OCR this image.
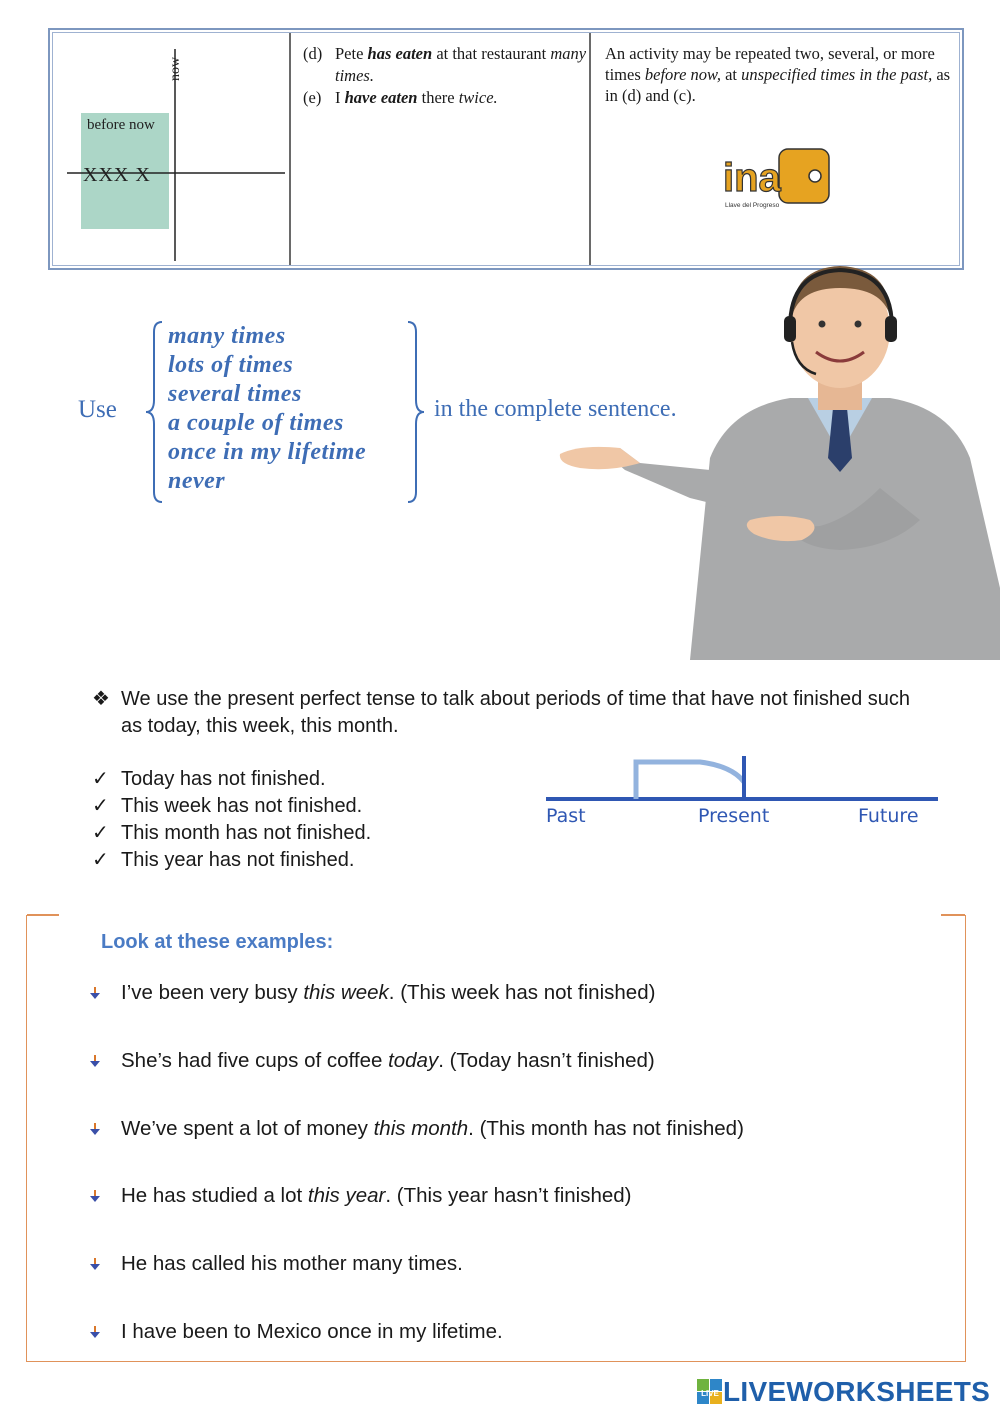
now
before now
XXX X
(d) Pete has eaten at that restaurant many times.
(e) I have eaten there twice.
An activity may be repeated two, several, or more times before now, at unspecified times in the past, as in (d) and (c).
ina
Llave del Progreso
Use
many times
lots of times
several times
a couple of times
once in my lifetime
never
in the complete sentence.
❖ We use the present perfect tense to talk about periods of time that have not finished such as today, this week, this month.
✓ Today has not finished.
✓ This week has not finished.
✓ This month has not finished.
✓ This year has not finished.
Past	Present	Future
Look at these examples:
I’ve been very busy this week. (This week has not finished)
She’s had five cups of coffee today. (Today hasn’t finished)
We’ve spent a lot of money this month. (This month has not finished)
He has studied a lot this year. (This year hasn’t finished)
He has called his mother many times.
I have been to Mexico once in my lifetime.
LIVE LIVEWORKSHEETS
